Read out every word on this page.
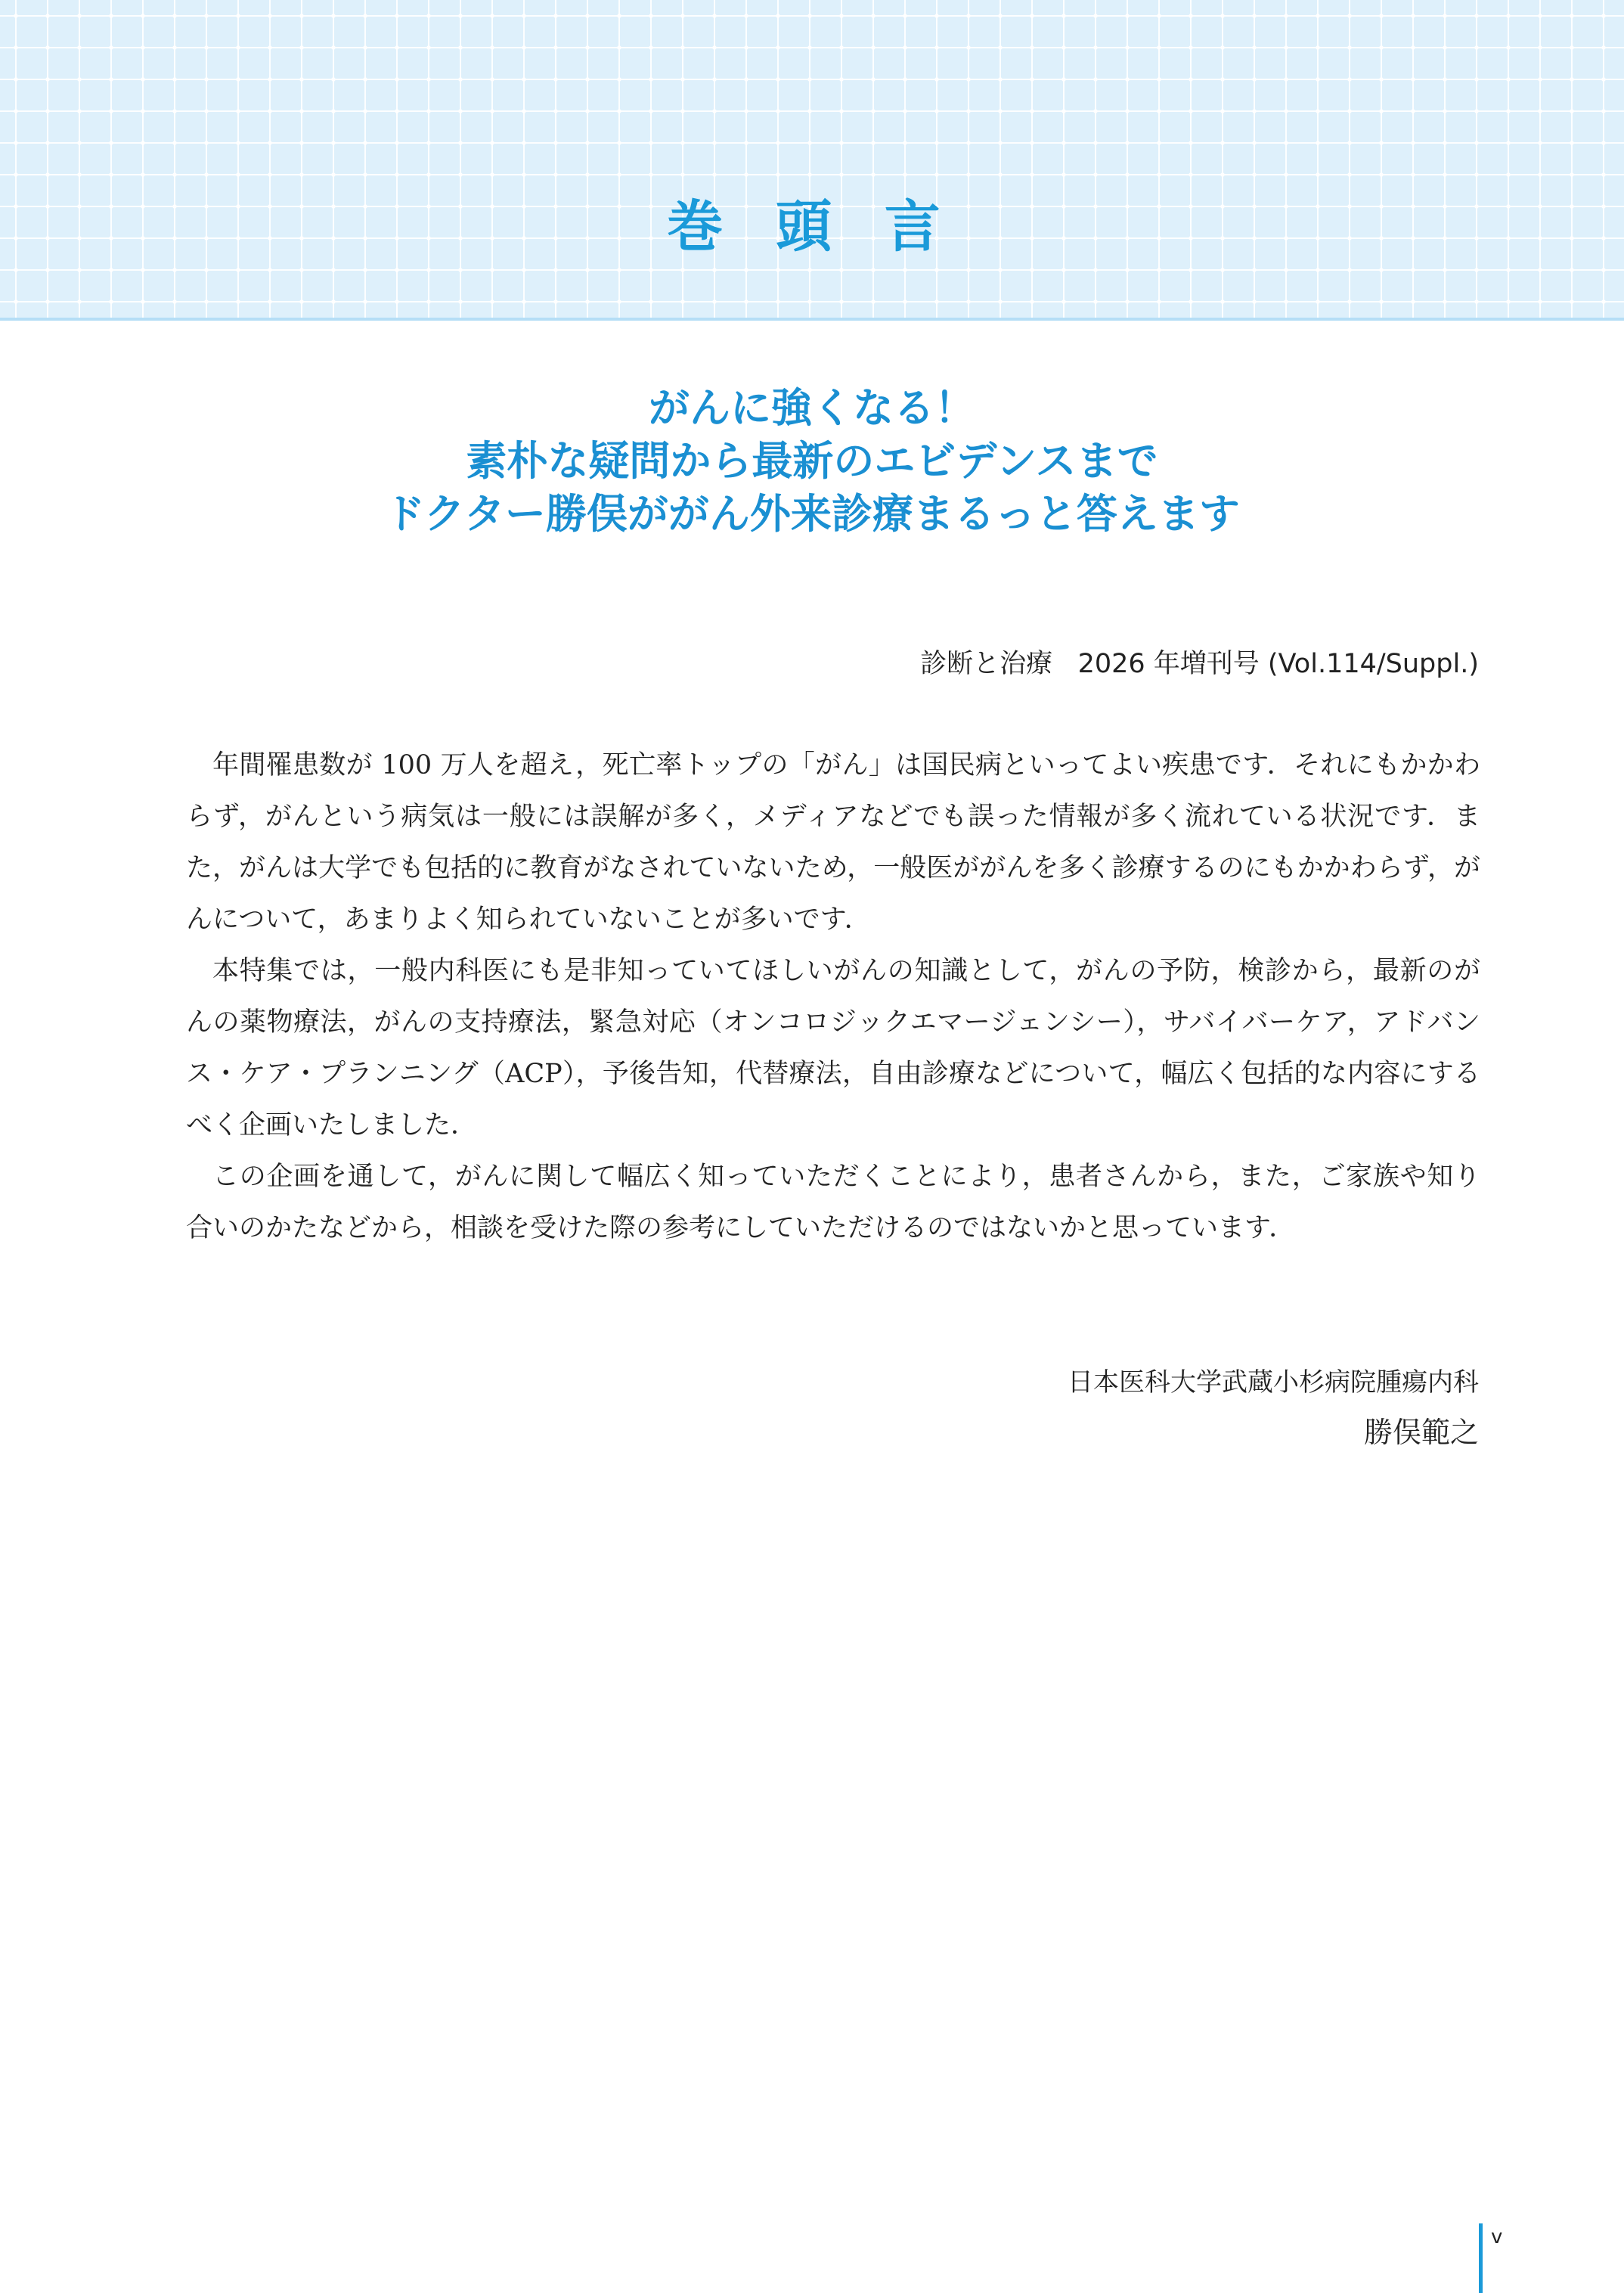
巻 頭 言
がんに強くなる！
素朴な疑問から最新のエビデンスまで
ドクター勝俣ががん外来診療まるっと答えます
診断と治療 2026 年増刊号 (Vol.114/Suppl.)

年間罹患数が 100 万人を超え，死亡率トップの「がん」は国民病といってよい疾患です．それにもかかわらず，がんという病気は一般には誤解が多く，メディアなどでも誤った情報が多く流れている状況です．また，がんは大学でも包括的に教育がなされていないため，一般医ががんを多く診療するのにもかかわらず，がんについて，あまりよく知られていないことが多いです．

本特集では，一般内科医にも是非知っていてほしいがんの知識として，がんの予防，検診から，最新のがんの薬物療法，がんの支持療法，緊急対応（オンコロジックエマージェンシー），サバイバーケア，アドバンス・ケア・プランニング（ACP），予後告知，代替療法，自由診療などについて，幅広く包括的な内容にするべく企画いたしました．

この企画を通して，がんに関して幅広く知っていただくことにより，患者さんから，また，ご家族や知り合いのかたなどから，相談を受けた際の参考にしていただけるのではないかと思っています．

日本医科大学武蔵小杉病院腫瘍内科
勝俣範之
v
